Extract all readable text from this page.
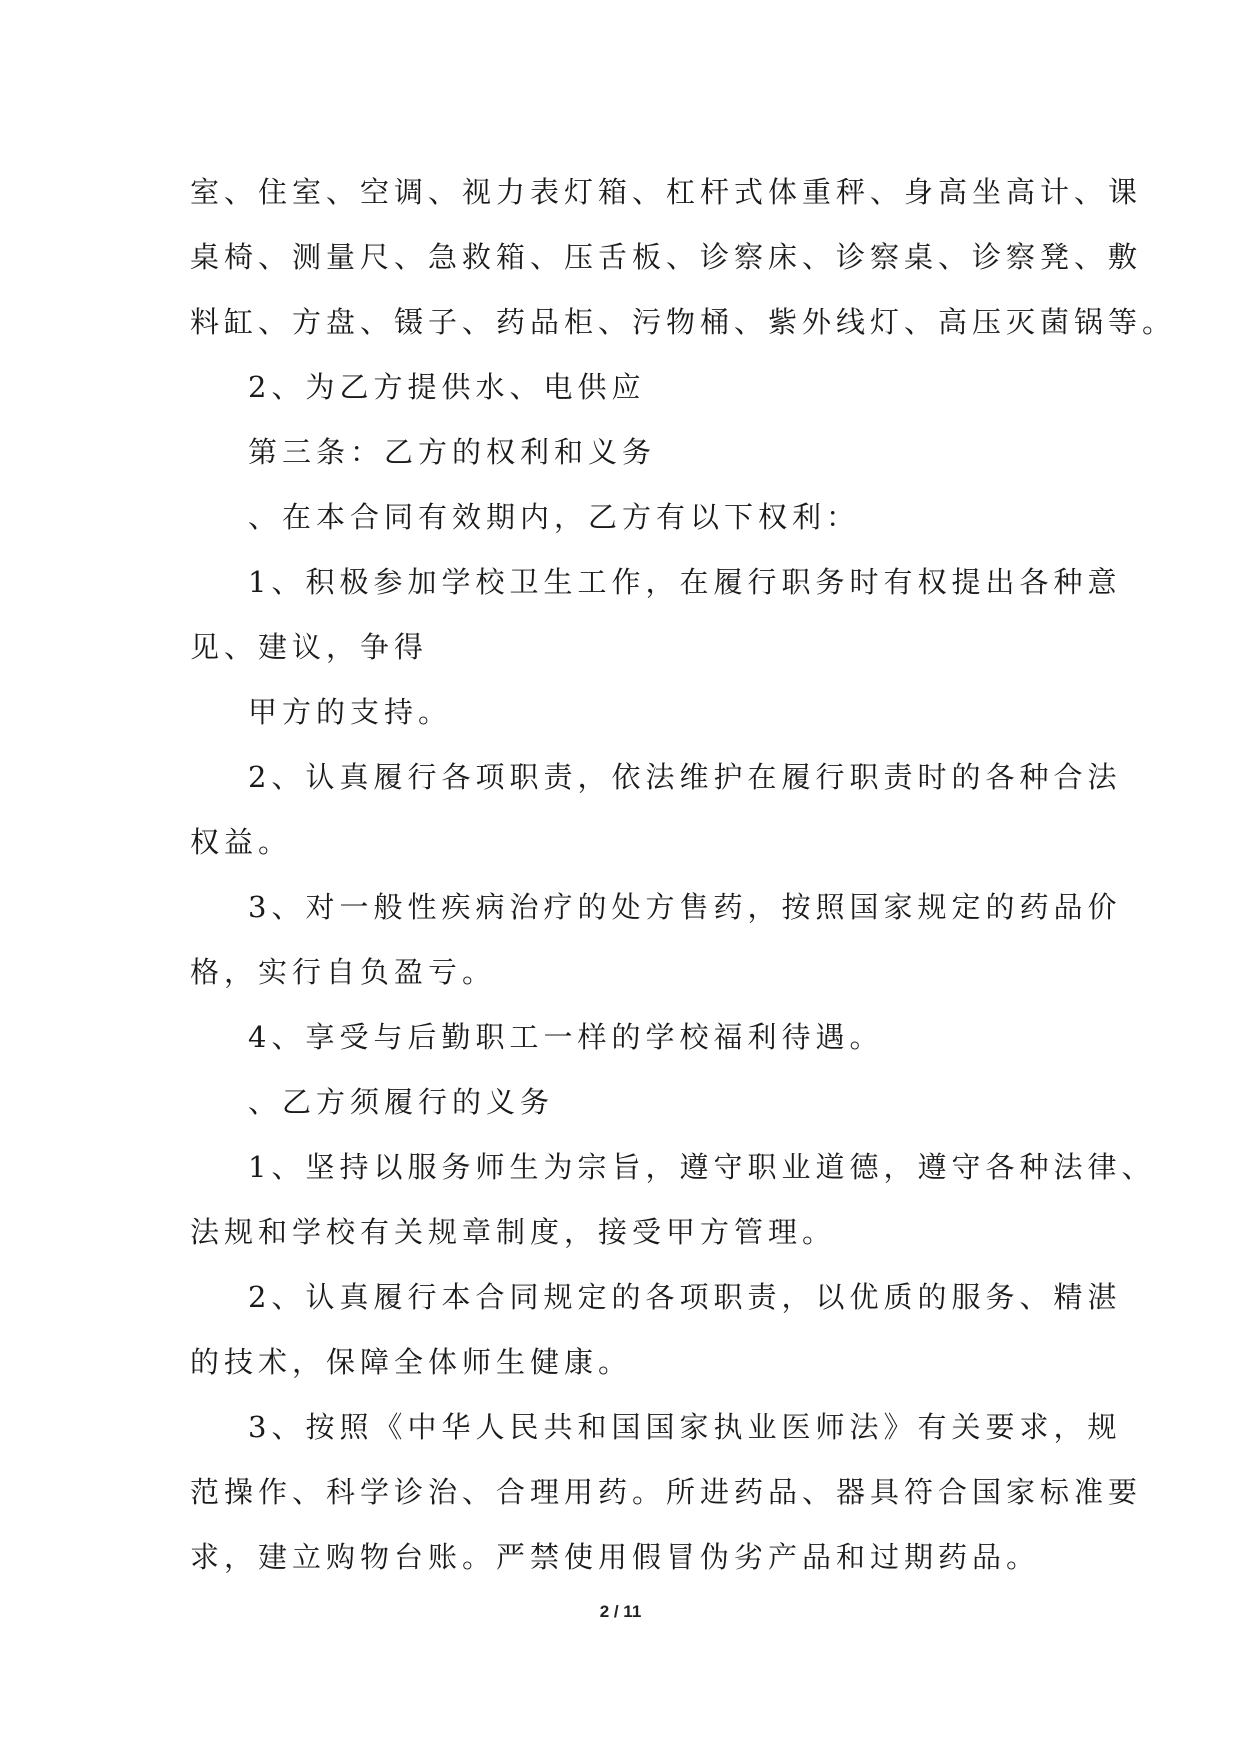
室、住室、空调、视力表灯箱、杠杆式体重秤、身高坐高计、课
桌椅、测量尺、急救箱、压舌板、诊察床、诊察桌、诊察凳、敷
料缸、方盘、镊子、药品柜、污物桶、紫外线灯、高压灭菌锅等。
2、为乙方提供水、电供应
第三条：乙方的权利和义务
、在本合同有效期内，乙方有以下权利：
1、积极参加学校卫生工作，在履行职务时有权提出各种意
见、建议，争得
甲方的支持。
2、认真履行各项职责，依法维护在履行职责时的各种合法
权益。
3、对一般性疾病治疗的处方售药，按照国家规定的药品价
格，实行自负盈亏。
4、享受与后勤职工一样的学校福利待遇。
、乙方须履行的义务
1、坚持以服务师生为宗旨，遵守职业道德，遵守各种法律、
法规和学校有关规章制度，接受甲方管理。
2、认真履行本合同规定的各项职责，以优质的服务、精湛
的技术，保障全体师生健康。
3、按照《中华人民共和国国家执业医师法》有关要求，规
范操作、科学诊治、合理用药。所进药品、器具符合国家标准要
求，建立购物台账。严禁使用假冒伪劣产品和过期药品。
2 / 11
